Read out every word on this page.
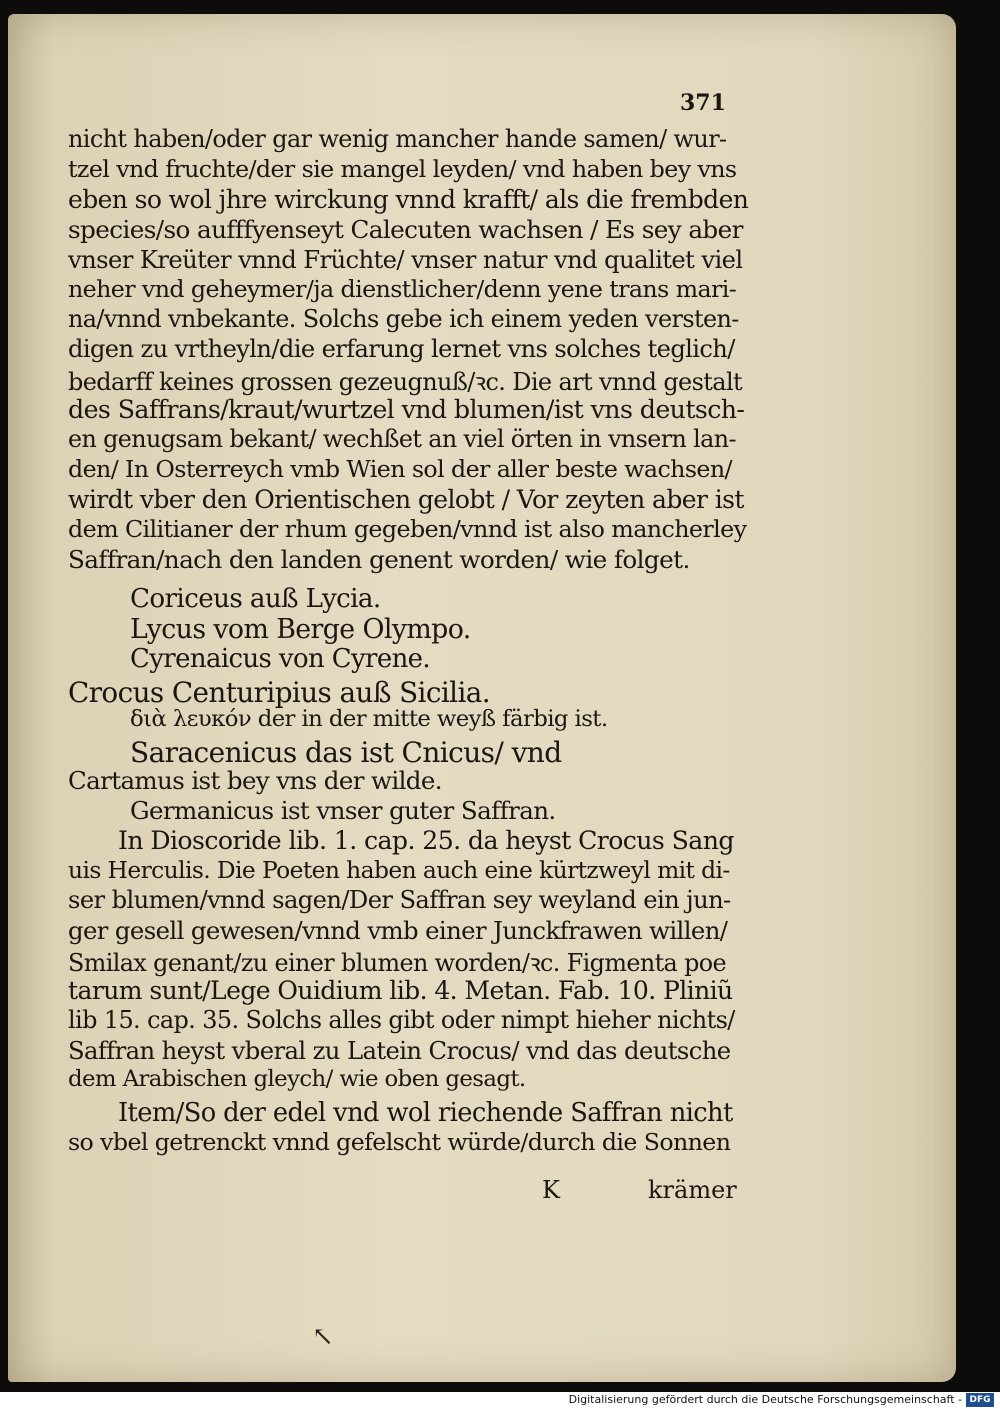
371
nicht haben/oder gar wenig mancher hande samen/ wur-
tzel vnd fruchte/der sie mangel leyden/ vnd haben bey vns
eben so wol jhre wirckung vnnd krafft/ als die frembden
species/so aufffyenseyt Calecuten wachsen / Es sey aber
vnser Kreüter vnnd Früchte/ vnser natur vnd qualitet viel
neher vnd geheymer/ja dienstlicher/denn yene trans mari-
na/vnnd vnbekante. Solchs gebe ich einem yeden versten-
digen zu vrtheyln/die erfarung lernet vns solches teglich/
bedarff keines grossen gezeugnuß/ꝛc. Die art vnnd gestalt
des Saffrans/kraut/wurtzel vnd blumen/ist vns deutsch-
en genugsam bekant/ wechßet an viel örten in vnsern lan-
den/ In Osterreych vmb Wien sol der aller beste wachsen/
wirdt vber den Orientischen gelobt / Vor zeyten aber ist
dem Cilitianer der rhum gegeben/vnnd ist also mancherley
Saffran/nach den landen genent worden/ wie folget.
Coriceus auß Lycia.
Lycus vom Berge Olympo.
Cyrenaicus von Cyrene.
Crocus Centuripius auß Sicilia.
διὰ λευκόν der in der mitte weyß färbig ist.
Saracenicus das ist Cnicus/ vnd
Cartamus ist bey vns der wilde.
Germanicus ist vnser guter Saffran.
In Dioscoride lib. 1. cap. 25. da heyst Crocus Sang
uis Herculis. Die Poeten haben auch eine kürtzweyl mit di-
ser blumen/vnnd sagen/Der Saffran sey weyland ein jun-
ger gesell gewesen/vnnd vmb einer Junckfrawen willen/
Smilax genant/zu einer blumen worden/ꝛc. Figmenta poe
tarum sunt/Lege Ouidium lib. 4. Metan. Fab. 10. Pliniũ
lib 15. cap. 35. Solchs alles gibt oder nimpt hieher nichts/
Saffran heyst vberal zu Latein Crocus/ vnd das deutsche
dem Arabischen gleych/ wie oben gesagt.
Item/So der edel vnd wol riechende Saffran nicht
so vbel getrenckt vnnd gefelscht würde/durch die Sonnen
K	krämer
↖
Digitalisierung gefördert durch die Deutsche Forschungsgemeinschaft - DFG
